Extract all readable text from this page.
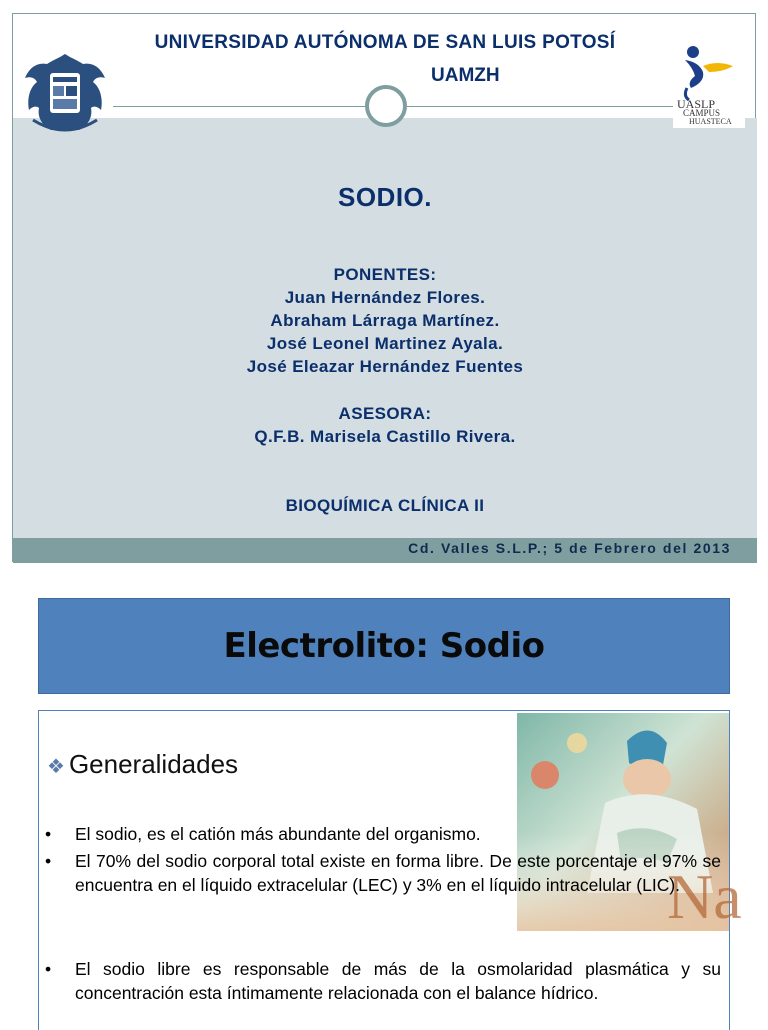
UASLP
CAMPUS
HUASTECA
UNIVERSIDAD AUTÓNOMA DE SAN LUIS POTOSÍ
UAMZH
SODIO.
PONENTES:
Juan Hernández Flores.
Abraham Lárraga Martínez.
José Leonel Martinez Ayala.
José Eleazar Hernández Fuentes
ASESORA:
Q.F.B. Marisela Castillo Rivera.
BIOQUÍMICA CLÍNICA II
Cd. Valles S.L.P.; 5 de Febrero del 2013
Electrolito: Sodio
Na
❖ Generalidades
• El sodio, es el catión más abundante del organismo.
• El 70% del sodio corporal total existe en forma libre. De este porcentaje el 97% se encuentra en el líquido extracelular (LEC) y 3% en el líquido intracelular (LIC).
• El sodio libre es responsable de más de la osmolaridad plasmática y su concentración esta íntimamente relacionada con el balance hídrico.
